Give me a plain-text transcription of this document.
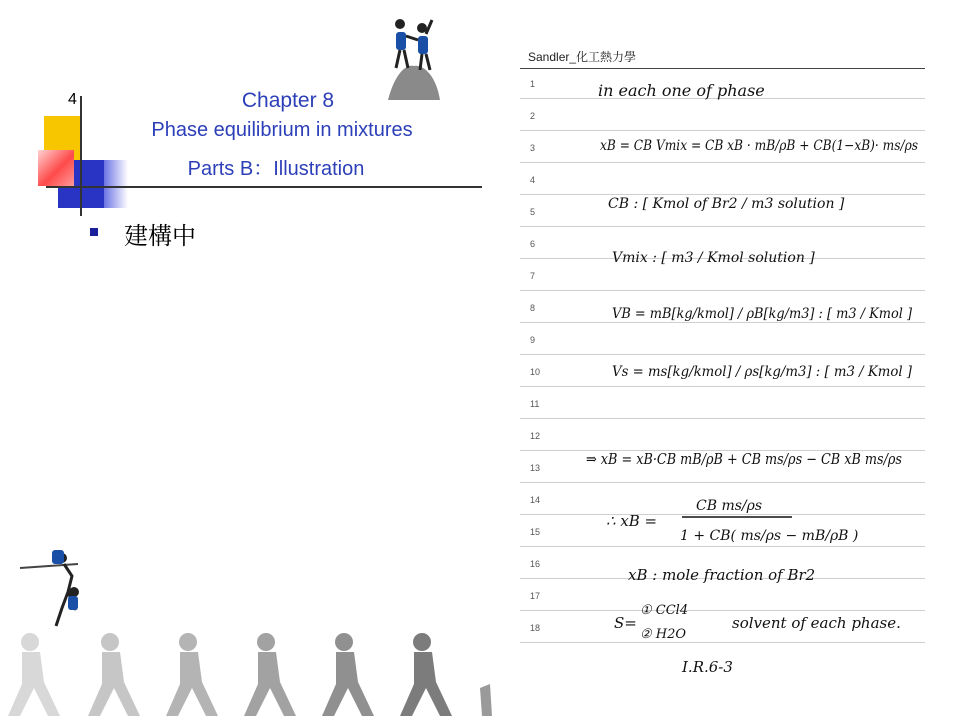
4	Chapter 8
Phase equilibrium in mixtures
Parts B：Illustration
建構中
Sandler_化工熱力學
1
2
3
4
5
6
7
8
9
10
11
12
13
14
15
16
17
18
in each one of phase
xB = CB Vmix = CB xB · mB/ρB + CB(1−xB)· ms/ρs
CB : [ Kmol of Br2 / m3 solution ]
Vmix : [ m3 / Kmol solution ]
VB = mB[kg/kmol] / ρB[kg/m3] : [ m3 / Kmol ]
Vs = ms[kg/kmol] / ρs[kg/m3] : [ m3 / Kmol ]
⇒ xB = xB·CB mB/ρB + CB ms/ρs − CB xB ms/ρs
∴ xB =
CB ms/ρs
1 + CB( ms/ρs − mB/ρB )
xB : mole fraction of Br2
S=
① CCl4
② H2O
solvent of each phase.
I.R.6-3
